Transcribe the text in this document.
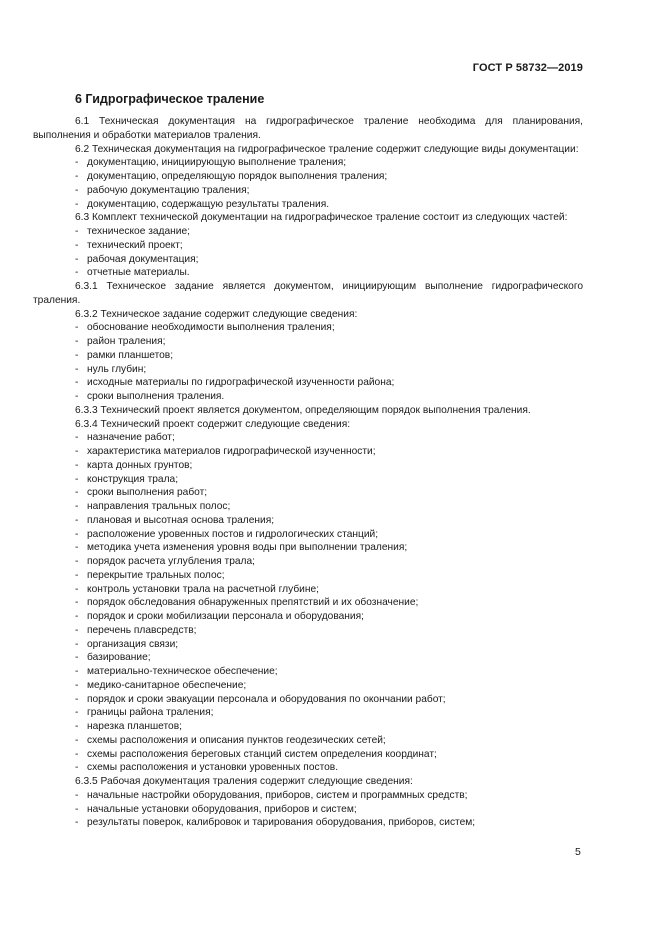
ГОСТ Р 58732—2019
6 Гидрографическое траление

6.1 Техническая документация на гидрографическое траление необходима для планирования, выполнения и обработки материалов траления.

6.2 Техническая документация на гидрографическое траление содержит следующие виды документации:

- документацию, инициирующую выполнение траления;
- документацию, определяющую порядок выполнения траления;
- рабочую документацию траления;
- документацию, содержащую результаты траления.

6.3 Комплект технической документации на гидрографическое траление состоит из следующих частей:

- техническое задание;
- технический проект;
- рабочая документация;
- отчетные материалы.

6.3.1 Техническое задание является документом, инициирующим выполнение гидрографического траления.

6.3.2 Техническое задание содержит следующие сведения:

- обоснование необходимости выполнения траления;
- район траления;
- рамки планшетов;
- нуль глубин;
- исходные материалы по гидрографической изученности района;
- сроки выполнения траления.

6.3.3 Технический проект является документом, определяющим порядок выполнения траления.

6.3.4 Технический проект содержит следующие сведения:

- назначение работ;
- характеристика материалов гидрографической изученности;
- карта донных грунтов;
- конструкция трала;
- сроки выполнения работ;
- направления тральных полос;
- плановая и высотная основа траления;
- расположение уровенных постов и гидрологических станций;
- методика учета изменения уровня воды при выполнении траления;
- порядок расчета углубления трала;
- перекрытие тральных полос;
- контроль установки трала на расчетной глубине;
- порядок обследования обнаруженных препятствий и их обозначение;
- порядок и сроки мобилизации персонала и оборудования;
- перечень плавсредств;
- организация связи;
- базирование;
- материально-техническое обеспечение;
- медико-санитарное обеспечение;
- порядок и сроки эвакуации персонала и оборудования по окончании работ;
- границы района траления;
- нарезка планшетов;
- схемы расположения и описания пунктов геодезических сетей;
- схемы расположения береговых станций систем определения координат;
- схемы расположения и установки уровенных постов.

6.3.5 Рабочая документация траления содержит следующие сведения:

- начальные настройки оборудования, приборов, систем и программных средств;
- начальные установки оборудования, приборов и систем;
- результаты поверок, калибровок и тарирования оборудования, приборов, систем;
5
